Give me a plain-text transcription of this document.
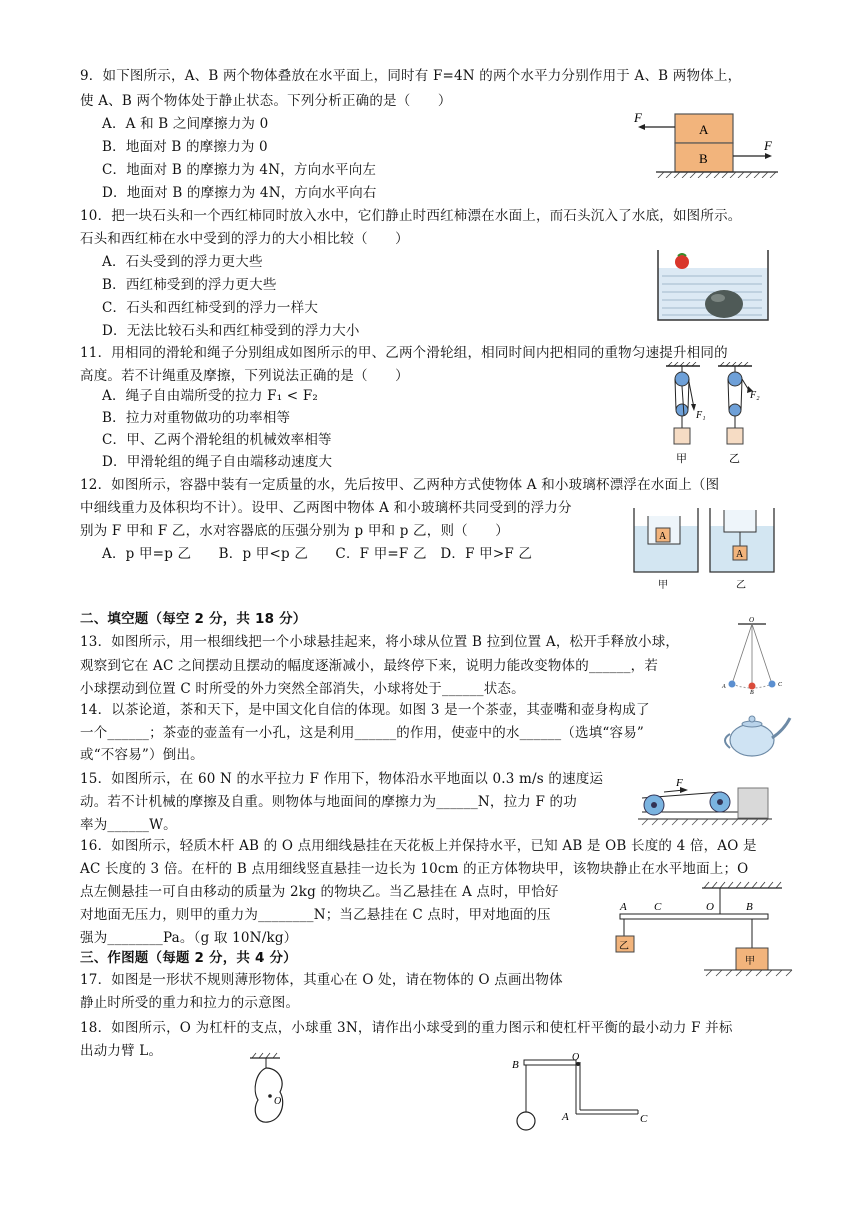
9．如下图所示，A、B 两个物体叠放在水平面上，同时有 F=4N 的两个水平力分别作用于 A、B 两物体上，
使 A、B 两个物体处于静止状态。下列分析正确的是（　　）
A．A 和 B 之间摩擦力为 0
B．地面对 B 的摩擦力为 0
C．地面对 B 的摩擦力为 4N，方向水平向左
D．地面对 B 的摩擦力为 4N，方向水平向右
A
B
F
F
10．把一块石头和一个西红柿同时放入水中，它们静止时西红柿漂在水面上，而石头沉入了水底，如图所示。
石头和西红柿在水中受到的浮力的大小相比较（　　）
A．石头受到的浮力更大些
B．西红柿受到的浮力更大些
C．石头和西红柿受到的浮力一样大
D．无法比较石头和西红柿受到的浮力大小
11．用相同的滑轮和绳子分别组成如图所示的甲、乙两个滑轮组，相同时间内把相同的重物匀速提升相同的
高度。若不计绳重及摩擦，下列说法正确的是（　　）
A．绳子自由端所受的拉力 F₁ < F₂
B．拉力对重物做功的功率相等
C．甲、乙两个滑轮组的机械效率相等
D．甲滑轮组的绳子自由端移动速度大
F₁
甲
F₂
乙
12．如图所示，容器中装有一定质量的水，先后按甲、乙两种方式使物体 A 和小玻璃杯漂浮在水面上（图
中细线重力及体积均不计）。设甲、乙两图中物体 A 和小玻璃杯共同受到的浮力分
别为 F 甲和 F 乙，水对容器底的压强分别为 p 甲和 p 乙，则（　　）
A．p 甲=p 乙　　B．p 甲<p 乙　　C．F 甲=F 乙　D．F 甲>F 乙
A
甲
A
乙
二、填空题（每空 2 分，共 18 分）
13．如图所示，用一根细线把一个小球悬挂起来，将小球从位置 B 拉到位置 A，松开手释放小球，
观察到它在 AC 之间摆动且摆动的幅度逐渐减小，最终停下来，说明力能改变物体的______，若
小球摆动到位置 C 时所受的外力突然全部消失，小球将处于______状态。
O
A
B
C
14．以茶论道，茶和天下，是中国文化自信的体现。如图 3 是一个茶壶，其壶嘴和壶身构成了
一个______；茶壶的壶盖有一小孔，这是利用______的作用，使壶中的水______（选填“容易”
或“不容易”）倒出。
15．如图所示，在 60 N 的水平拉力 F 作用下，物体沿水平地面以 0.3 m/s 的速度运
动。若不计机械的摩擦及自重。则物体与地面间的摩擦力为______N，拉力 F 的功
率为______W。
F
16．如图所示，轻质木杆 AB 的 O 点用细线悬挂在天花板上并保持水平，已知 AB 是 OB 长度的 4 倍，AO 是
AC 长度的 3 倍。在杆的 B 点用细线竖直悬挂一边长为 10cm 的正方体物块甲，该物块静止在水平地面上；O
点左侧悬挂一可自由移动的质量为 2kg 的物块乙。当乙悬挂在 A 点时，甲恰好
对地面无压力，则甲的重力为________N；当乙悬挂在 C 点时，甲对地面的压
强为________Pa。（g 取 10N/kg）
A C	O	B
乙
甲
三、作图题（每题 2 分，共 4 分）
17．如图是一形状不规则薄形物体，其重心在 O 处，请在物体的 O 点画出物体
静止时所受的重力和拉力的示意图。
18．如图所示，O 为杠杆的支点，小球重 3N，请作出小球受到的重力图示和使杠杆平衡的最小动力 F 并标
出动力臂 L。
O
B
O
A	C
